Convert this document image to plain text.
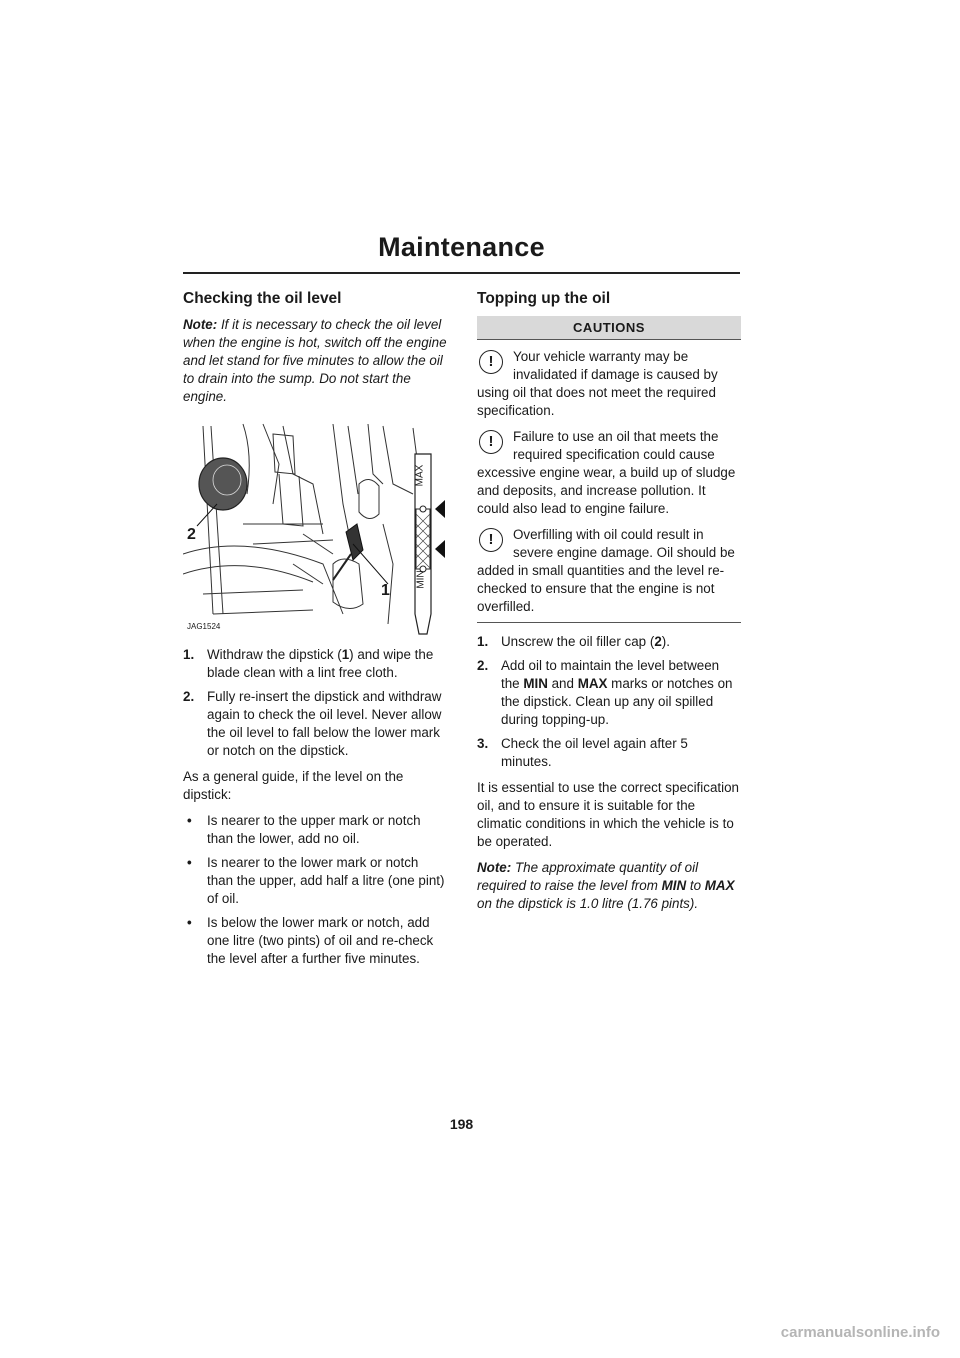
Maintenance
Checking the oil level

Note: If it is necessary to check the oil level when the engine is hot, switch off the engine and let stand for five minutes to allow the oil to drain into the sump. Do not start the engine.

2
1
MAX
MIN
JAG1524
1. Withdraw the dipstick (1) and wipe the blade clean with a lint free cloth.
2. Fully re-insert the dipstick and withdraw again to check the oil level. Never allow the oil level to fall below the lower mark or notch on the dipstick.

As a general guide, if the level on the dipstick:

• Is nearer to the upper mark or notch than the lower, add no oil.
• Is nearer to the lower mark or notch than the upper, add half a litre (one pint) of oil.
• Is below the lower mark or notch, add one litre (two pints) of oil and re-check the level after a further five minutes.
Topping up the oil
CAUTIONS
!	Your vehicle warranty may be invalidated if damage is caused by using oil that does not meet the required specification.

!	Failure to use an oil that meets the required specification could cause excessive engine wear, a build up of sludge and deposits, and increase pollution. It could also lead to engine failure.

!	Overfilling with oil could result in severe engine damage. Oil should be added in small quantities and the level re-checked to ensure that the engine is not overfilled.

1. Unscrew the oil filler cap (2).
2. Add oil to maintain the level between the MIN and MAX marks or notches on the dipstick. Clean up any oil spilled during topping-up.
3. Check the oil level again after 5 minutes.

It is essential to use the correct specification oil, and to ensure it is suitable for the climatic conditions in which the vehicle is to be operated.

Note: The approximate quantity of oil required to raise the level from MIN to MAX on the dipstick is 1.0 litre (1.76 pints).

198
carmanualsonline.info
